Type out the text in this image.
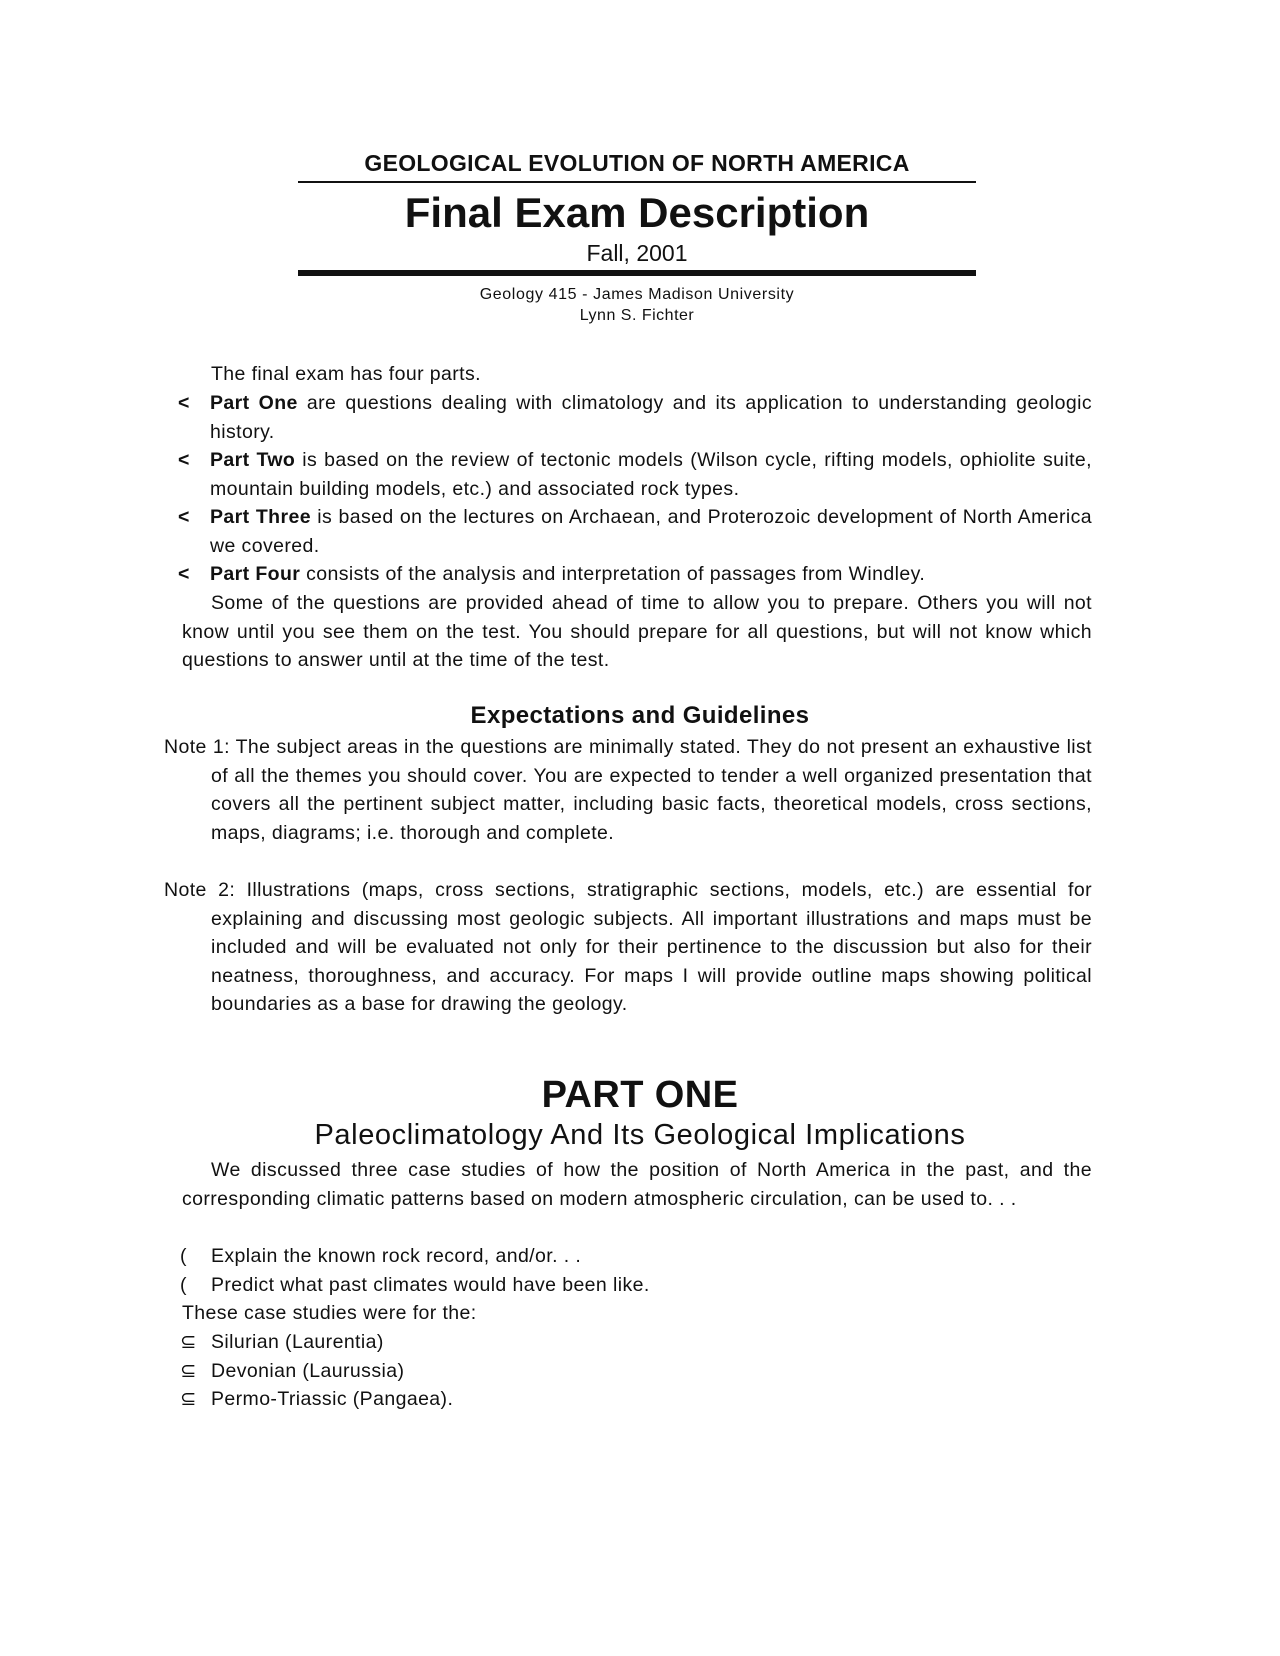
GEOLOGICAL EVOLUTION OF NORTH AMERICA
Final Exam Description
Fall, 2001
Geology 415 - James Madison University
Lynn S. Fichter
The final exam has four parts.
< Part One are questions dealing with climatology and its application to understanding geologic history.
< Part Two is based on the review of tectonic models (Wilson cycle, rifting models, ophiolite suite, mountain building models, etc.) and associated rock types.
< Part Three is based on the lectures on Archaean, and Proterozoic development of North America we covered.
< Part Four consists of the analysis and interpretation of passages from Windley.
Some of the questions are provided ahead of time to allow you to prepare. Others you will not know until you see them on the test. You should prepare for all questions, but will not know which questions to answer until at the time of the test.
Expectations and Guidelines
Note 1: The subject areas in the questions are minimally stated. They do not present an exhaustive list of all the themes you should cover. You are expected to tender a well organized presentation that covers all the pertinent subject matter, including basic facts, theoretical models, cross sections, maps, diagrams; i.e. thorough and complete.
Note 2: Illustrations (maps, cross sections, stratigraphic sections, models, etc.) are essential for explaining and discussing most geologic subjects. All important illustrations and maps must be included and will be evaluated not only for their pertinence to the discussion but also for their neatness, thoroughness, and accuracy. For maps I will provide outline maps showing political boundaries as a base for drawing the geology.
PART ONE
Paleoclimatology And Its Geological Implications
We discussed three case studies of how the position of North America in the past, and the corresponding climatic patterns based on modern atmospheric circulation, can be used to. . .
( Explain the known rock record, and/or. . .
( Predict what past climates would have been like.
These case studies were for the:
⊆ Silurian (Laurentia)
⊆ Devonian (Laurussia)
⊆ Permo-Triassic (Pangaea).
